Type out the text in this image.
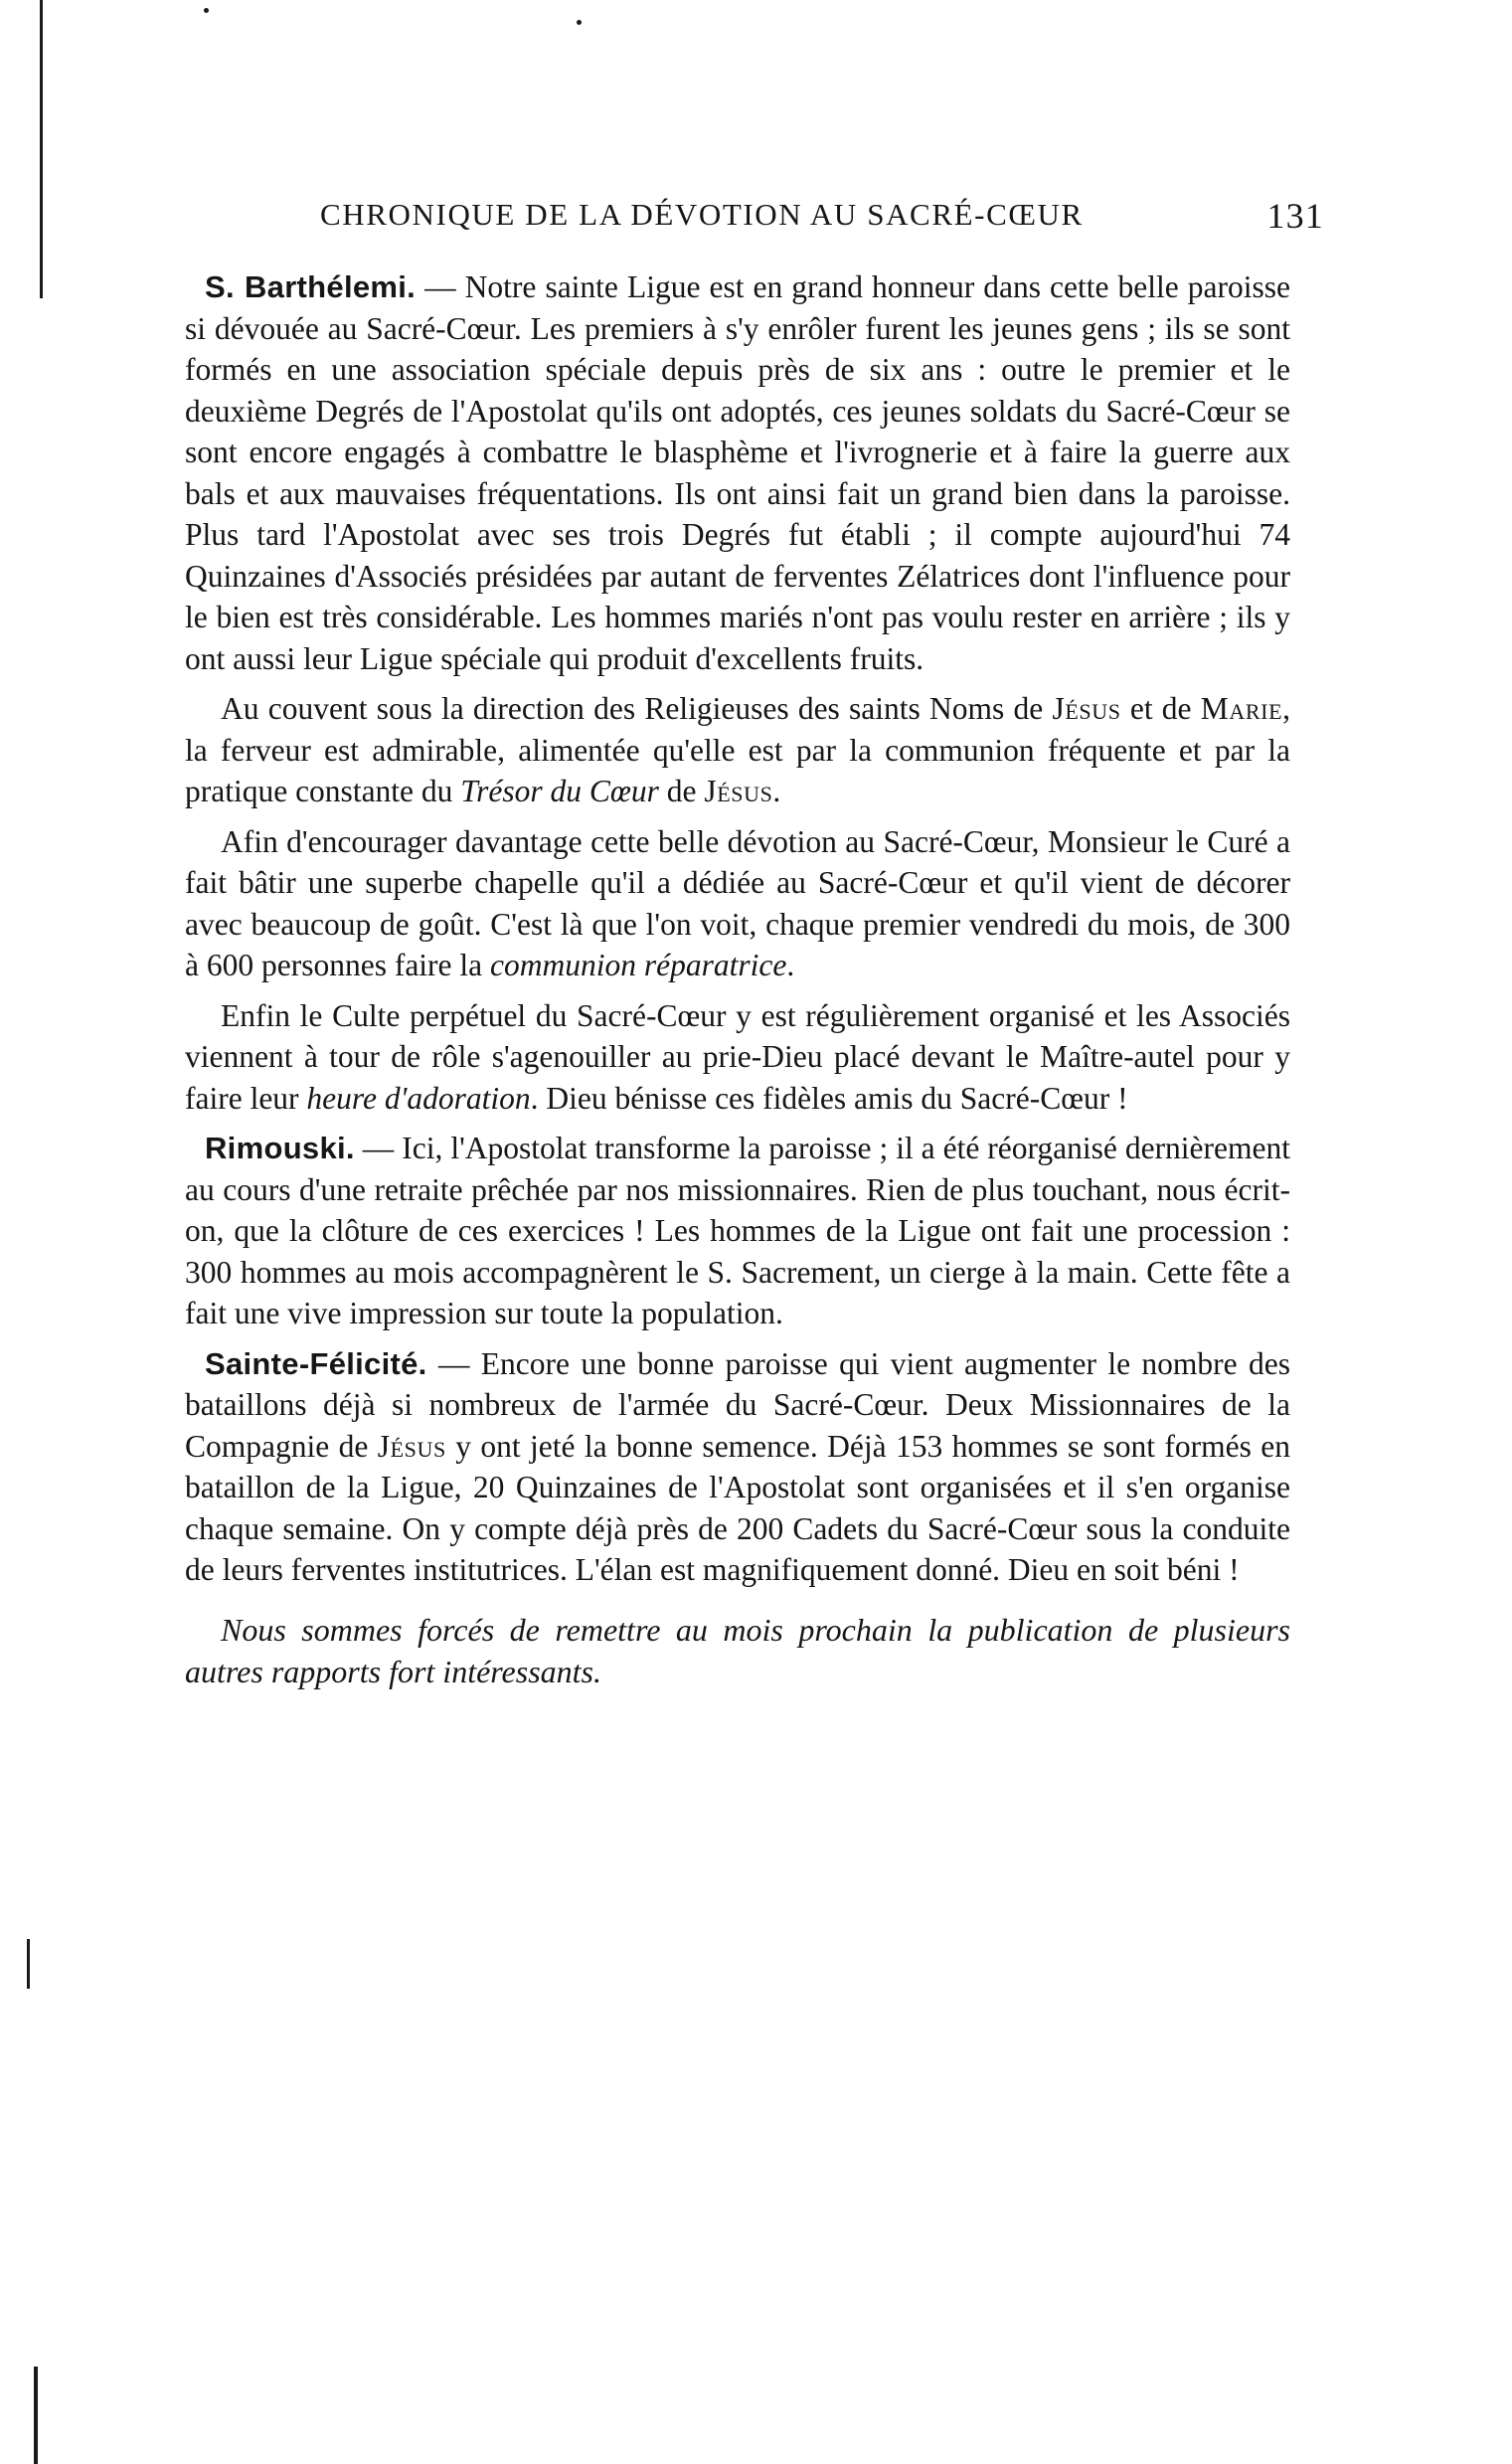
CHRONIQUE DE LA DÉVOTION AU SACRÉ-CŒUR	131

S. Barthélemi. — Notre sainte Ligue est en grand honneur dans cette belle paroisse si dévouée au Sacré-Cœur. Les premiers à s'y enrôler furent les jeunes gens ; ils se sont formés en une association spéciale depuis près de six ans : outre le premier et le deuxième Degrés de l'Apostolat qu'ils ont adoptés, ces jeunes soldats du Sacré-Cœur se sont encore engagés à combattre le blasphème et l'ivrognerie et à faire la guerre aux bals et aux mauvaises fréquentations. Ils ont ainsi fait un grand bien dans la paroisse. Plus tard l'Apostolat avec ses trois Degrés fut établi ; il compte aujourd'hui 74 Quinzaines d'Associés présidées par autant de ferventes Zélatrices dont l'influence pour le bien est très considérable. Les hommes mariés n'ont pas voulu rester en arrière ; ils y ont aussi leur Ligue spéciale qui produit d'excellents fruits.

Au couvent sous la direction des Religieuses des saints Noms de Jésus et de Marie, la ferveur est admirable, alimentée qu'elle est par la communion fréquente et par la pratique constante du Trésor du Cœur de Jésus.

Afin d'encourager davantage cette belle dévotion au Sacré-Cœur, Monsieur le Curé a fait bâtir une superbe chapelle qu'il a dédiée au Sacré-Cœur et qu'il vient de décorer avec beaucoup de goût. C'est là que l'on voit, chaque premier vendredi du mois, de 300 à 600 personnes faire la communion réparatrice.

Enfin le Culte perpétuel du Sacré-Cœur y est régulièrement organisé et les Associés viennent à tour de rôle s'agenouiller au prie-Dieu placé devant le Maître-autel pour y faire leur heure d'adoration. Dieu bénisse ces fidèles amis du Sacré-Cœur !

Rimouski. — Ici, l'Apostolat transforme la paroisse ; il a été réorganisé dernièrement au cours d'une retraite prêchée par nos missionnaires. Rien de plus touchant, nous écrit-on, que la clôture de ces exercices ! Les hommes de la Ligue ont fait une procession : 300 hommes au mois accompagnèrent le S. Sacrement, un cierge à la main. Cette fête a fait une vive impression sur toute la population.

Sainte-Félicité. — Encore une bonne paroisse qui vient augmenter le nombre des bataillons déjà si nombreux de l'armée du Sacré-Cœur. Deux Missionnaires de la Compagnie de Jésus y ont jeté la bonne semence. Déjà 153 hommes se sont formés en bataillon de la Ligue, 20 Quinzaines de l'Apostolat sont organisées et il s'en organise chaque semaine. On y compte déjà près de 200 Cadets du Sacré-Cœur sous la conduite de leurs ferventes institutrices. L'élan est magnifiquement donné. Dieu en soit béni !

Nous sommes forcés de remettre au mois prochain la publication de plusieurs autres rapports fort intéressants.
